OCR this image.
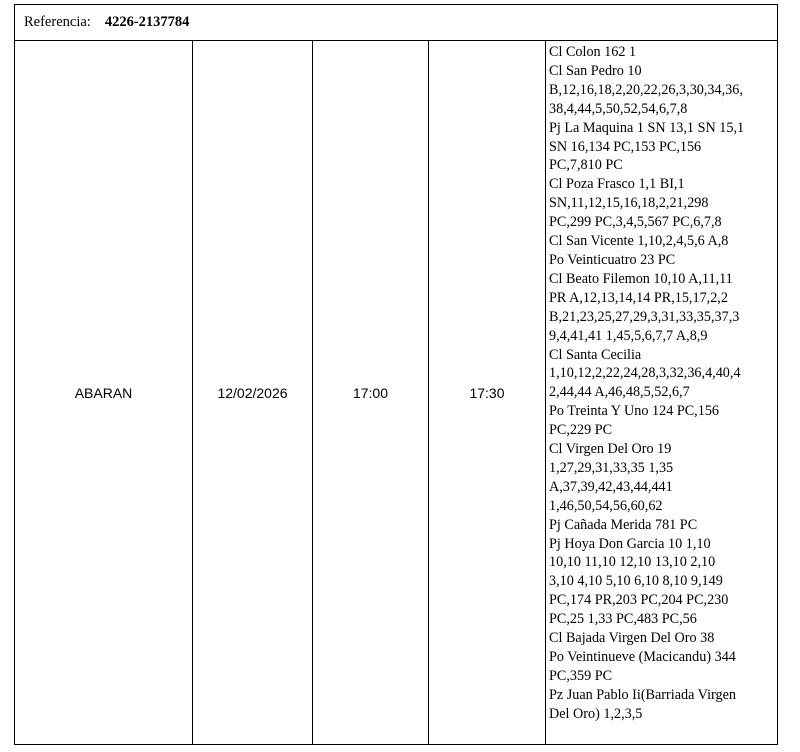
Referencia: 4226-2137784
ABARAN	12/02/2026	17:00	17:30
Cl Colon 162 1
Cl San Pedro 10
B,12,16,18,2,20,22,26,3,30,34,36,
38,4,44,5,50,52,54,6,7,8
Pj La Maquina 1 SN 13,1 SN 15,1
SN 16,134 PC,153 PC,156
PC,7,810 PC
Cl Poza Frasco 1,1 BI,1
SN,11,12,15,16,18,2,21,298
PC,299 PC,3,4,5,567 PC,6,7,8
Cl San Vicente 1,10,2,4,5,6 A,8
Po Veinticuatro 23 PC
Cl Beato Filemon 10,10 A,11,11
PR A,12,13,14,14 PR,15,17,2,2
B,21,23,25,27,29,3,31,33,35,37,3
9,4,41,41 1,45,5,6,7,7 A,8,9
Cl Santa Cecilia
1,10,12,2,22,24,28,3,32,36,4,40,4
2,44,44 A,46,48,5,52,6,7
Po Treinta Y Uno 124 PC,156
PC,229 PC
Cl Virgen Del Oro 19
1,27,29,31,33,35 1,35
A,37,39,42,43,44,441
1,46,50,54,56,60,62
Pj Cañada Merida 781 PC
Pj Hoya Don Garcia 10 1,10
10,10 11,10 12,10 13,10 2,10
3,10 4,10 5,10 6,10 8,10 9,149
PC,174 PR,203 PC,204 PC,230
PC,25 1,33 PC,483 PC,56
Cl Bajada Virgen Del Oro 38
Po Veintinueve (Macicandu) 344
PC,359 PC
Pz Juan Pablo Ii(Barriada Virgen
Del Oro) 1,2,3,5
